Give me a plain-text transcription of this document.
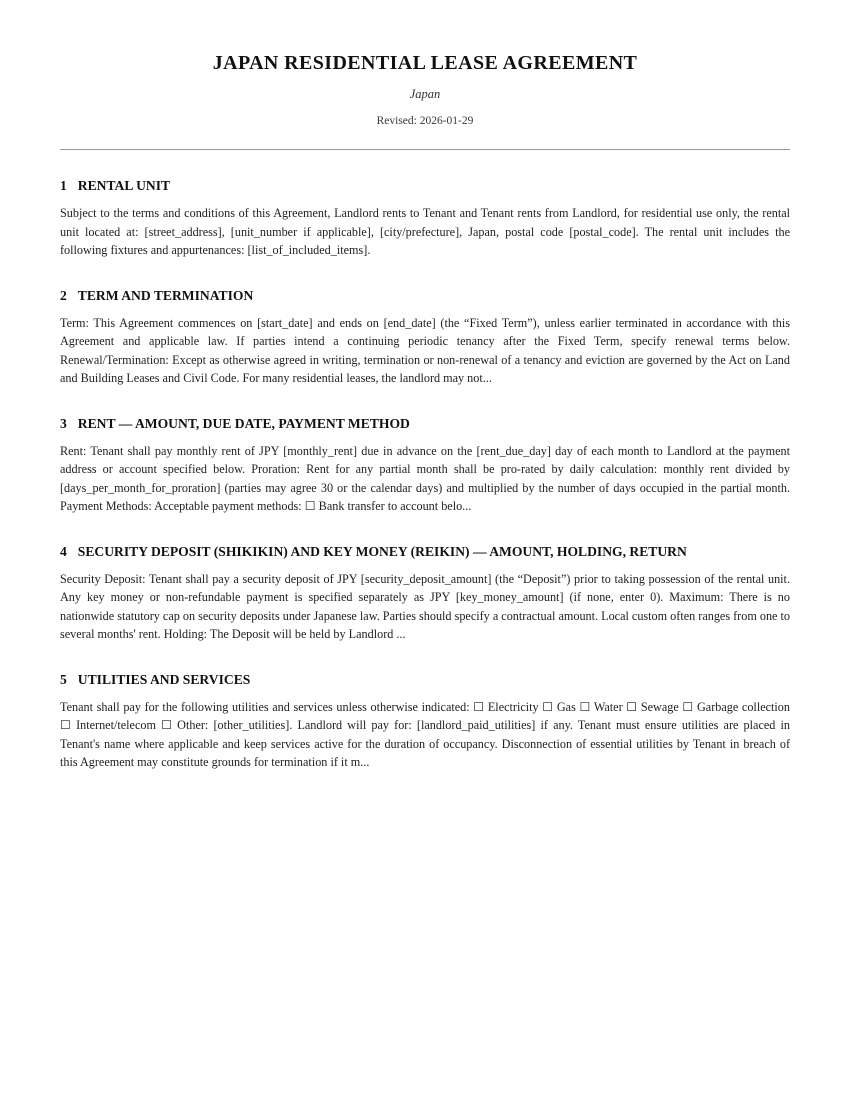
JAPAN RESIDENTIAL LEASE AGREEMENT
Japan
Revised: 2026-01-29
1 RENTAL UNIT

Subject to the terms and conditions of this Agreement, Landlord rents to Tenant and Tenant rents from Landlord, for residential use only, the rental unit located at: [street_address], [unit_number if applicable], [city/prefecture], Japan, postal code [postal_code]. The rental unit includes the following fixtures and appurtenances: [list_of_included_items].

2 TERM AND TERMINATION

Term: This Agreement commences on [start_date] and ends on [end_date] (the “Fixed Term”), unless earlier terminated in accordance with this Agreement and applicable law. If parties intend a continuing periodic tenancy after the Fixed Term, specify renewal terms below. Renewal/Termination: Except as otherwise agreed in writing, termination or non-renewal of a tenancy and eviction are governed by the Act on Land and Building Leases and Civil Code. For many residential leases, the landlord may not...

3 RENT — AMOUNT, DUE DATE, PAYMENT METHOD

Rent: Tenant shall pay monthly rent of JPY [monthly_rent] due in advance on the [rent_due_day] day of each month to Landlord at the payment address or account specified below. Proration: Rent for any partial month shall be pro-rated by daily calculation: monthly rent divided by [days_per_month_for_proration] (parties may agree 30 or the calendar days) and multiplied by the number of days occupied in the partial month. Payment Methods: Acceptable payment methods: ☐ Bank transfer to account belo...

4 SECURITY DEPOSIT (SHIKIKIN) AND KEY MONEY (REIKIN) — AMOUNT, HOLDING, RETURN

Security Deposit: Tenant shall pay a security deposit of JPY [security_deposit_amount] (the “Deposit”) prior to taking possession of the rental unit. Any key money or non-refundable payment is specified separately as JPY [key_money_amount] (if none, enter 0). Maximum: There is no nationwide statutory cap on security deposits under Japanese law. Parties should specify a contractual amount. Local custom often ranges from one to several months' rent. Holding: The Deposit will be held by Landlord ...

5 UTILITIES AND SERVICES

Tenant shall pay for the following utilities and services unless otherwise indicated: ☐ Electricity ☐ Gas ☐ Water ☐ Sewage ☐ Garbage collection ☐ Internet/telecom ☐ Other: [other_utilities]. Landlord will pay for: [landlord_paid_utilities] if any. Tenant must ensure utilities are placed in Tenant's name where applicable and keep services active for the duration of occupancy. Disconnection of essential utilities by Tenant in breach of this Agreement may constitute grounds for termination if it m...
